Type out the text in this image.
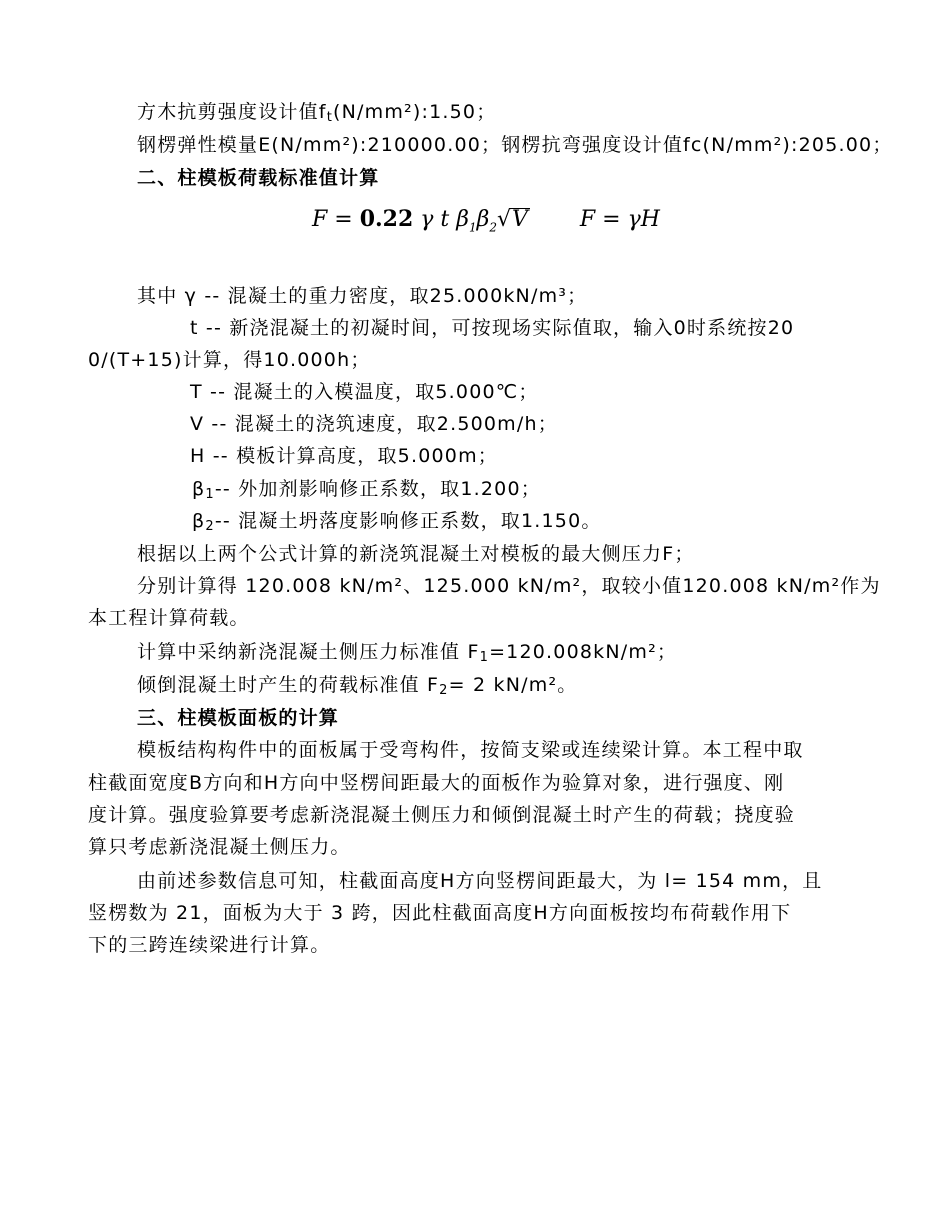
方木抗剪强度设计值$f_t(N/mm^2):1.50$；
钢楞弹性模量E(N/mm²):210000.00；钢楞抗弯强度设计值fc(N/mm²):205.00；
二、柱模板荷载标准值计算
F = 0.22 γ t $\beta_1\beta_2√V$ F = γH
其中 γ -- 混凝土的重力密度，取25.000kN/m³；
t -- 新浇混凝土的初凝时间，可按现场实际值取，输入0时系统按20
0/(T+15)计算，得10.000h；
T -- 混凝土的入模温度，取5.000℃；
V -- 混凝土的浇筑速度，取2.500m/h；
H -- 模板计算高度，取5.000m；
$\beta_1--$ 外加剂影响修正系数，取1.200；
$\beta_2--$ 混凝土坍落度影响修正系数，取1.150。
根据以上两个公式计算的新浇筑混凝土对模板的最大侧压力F；
分别计算得 120.008 kN/m²、125.000 kN/m²，取较小值120.008 kN/m²作为
本工程计算荷载。
计算中采纳新浇混凝土侧压力标准值 $F_1=120.008kN/m^2$；
倾倒混凝土时产生的荷载标准值 $F_2= 2$ kN/m²。
三、柱模板面板的计算
模板结构构件中的面板属于受弯构件，按简支梁或连续梁计算。本工程中取
柱截面宽度B方向和H方向中竖楞间距最大的面板作为验算对象，进行强度、刚
度计算。强度验算要考虑新浇混凝土侧压力和倾倒混凝土时产生的荷载；挠度验
算只考虑新浇混凝土侧压力。
由前述参数信息可知，柱截面高度H方向竖楞间距最大，为 l= 154 mm，且
竖楞数为 21，面板为大于 3 跨，因此柱截面高度H方向面板按均布荷载作用下
下的三跨连续梁进行计算。
